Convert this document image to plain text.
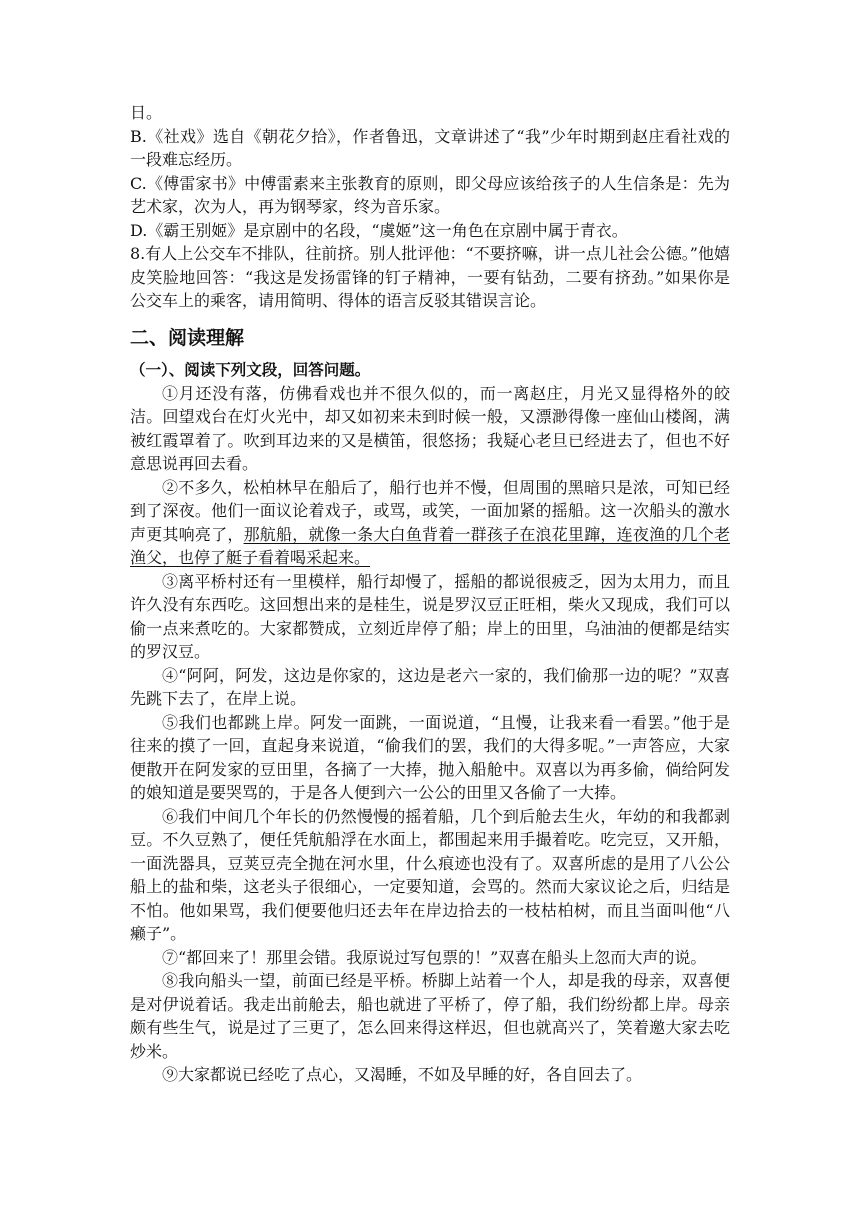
日。
B.《社戏》选自《朝花夕拾》，作者鲁迅，文章讲述了“我”少年时期到赵庄看社戏的一段难忘经历。
C.《傅雷家书》中傅雷素来主张教育的原则，即父母应该给孩子的人生信条是：先为艺术家，次为人，再为钢琴家，终为音乐家。
D.《霸王别姬》是京剧中的名段，“虞姬”这一角色在京剧中属于青衣。
8.有人上公交车不排队，往前挤。别人批评他：“不要挤嘛，讲一点儿社会公德。”他嬉皮笑脸地回答：“我这是发扬雷锋的钉子精神，一要有钻劲，二要有挤劲。”如果你是公交车上的乘客，请用简明、得体的语言反驳其错误言论。
二、阅读理解
（一）、阅读下列文段，回答问题。
①月还没有落，仿佛看戏也并不很久似的，而一离赵庄，月光又显得格外的皎洁。回望戏台在灯火光中，却又如初来未到时候一般，又漂渺得像一座仙山楼阁，满被红霞罩着了。吹到耳边来的又是横笛，很悠扬；我疑心老旦已经进去了，但也不好意思说再回去看。
②不多久，松柏林早在船后了，船行也并不慢，但周围的黑暗只是浓，可知已经到了深夜。他们一面议论着戏子，或骂，或笑，一面加紧的摇船。这一次船头的激水声更其响亮了，那航船，就像一条大白鱼背着一群孩子在浪花里蹿，连夜渔的几个老渔父，也停了艇子看着喝采起来。
③离平桥村还有一里模样，船行却慢了，摇船的都说很疲乏，因为太用力，而且许久没有东西吃。这回想出来的是桂生，说是罗汉豆正旺相，柴火又现成，我们可以偷一点来煮吃的。大家都赞成，立刻近岸停了船；岸上的田里，乌油油的便都是结实的罗汉豆。
④“阿阿，阿发，这边是你家的，这边是老六一家的，我们偷那一边的呢？”双喜先跳下去了，在岸上说。
⑤我们也都跳上岸。阿发一面跳，一面说道，“且慢，让我来看一看罢。”他于是往来的摸了一回，直起身来说道，“偷我们的罢，我们的大得多呢。”一声答应，大家便散开在阿发家的豆田里，各摘了一大捧，抛入船舱中。双喜以为再多偷，倘给阿发的娘知道是要哭骂的，于是各人便到六一公公的田里又各偷了一大捧。
⑥我们中间几个年长的仍然慢慢的摇着船，几个到后舱去生火，年幼的和我都剥豆。不久豆熟了，便任凭航船浮在水面上，都围起来用手撮着吃。吃完豆，又开船，一面洗器具，豆荚豆壳全抛在河水里，什么痕迹也没有了。双喜所虑的是用了八公公船上的盐和柴，这老头子很细心，一定要知道，会骂的。然而大家议论之后，归结是不怕。他如果骂，我们便要他归还去年在岸边拾去的一枝枯柏树，而且当面叫他“八癞子”。
⑦“都回来了！那里会错。我原说过写包票的！”双喜在船头上忽而大声的说。
⑧我向船头一望，前面已经是平桥。桥脚上站着一个人，却是我的母亲，双喜便是对伊说着话。我走出前舱去，船也就进了平桥了，停了船，我们纷纷都上岸。母亲颇有些生气，说是过了三更了，怎么回来得这样迟，但也就高兴了，笑着邀大家去吃炒米。
⑨大家都说已经吃了点心，又渴睡，不如及早睡的好，各自回去了。
